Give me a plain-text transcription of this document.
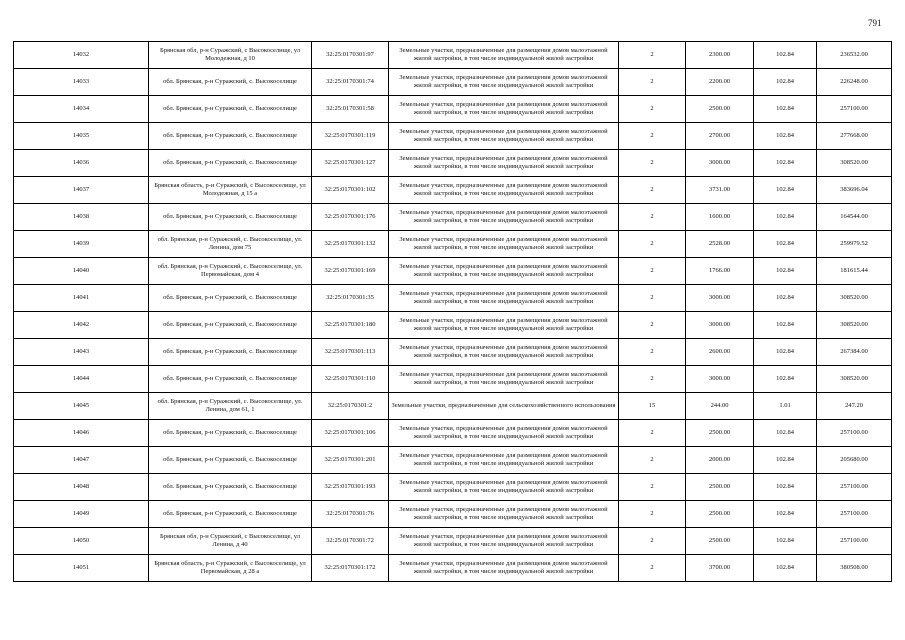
791
14032	Брянская обл, р-н Суражский, с Высокоселище, ул Молодежная, д 10	32:25:0170301:97	Земельные участки, предназначенные для размещения домов малоэтажной жилой застройки, в том числе индивидуальной жилой застройки	2	2300.00	102.84	236532.00
14033	обл. Брянская, р-н Суражский, с. Высокоселище	32:25:0170301:74	Земельные участки, предназначенные для размещения домов малоэтажной жилой застройки, в том числе индивидуальной жилой застройки	2	2200.00	102.84	226248.00
14034	обл. Брянская, р-н Суражский, с. Высокоселище	32:25:0170301:58	Земельные участки, предназначенные для размещения домов малоэтажной жилой застройки, в том числе индивидуальной жилой застройки	2	2500.00	102.84	257100.00
14035	обл. Брянская, р-н Суражский, с. Высокоселище	32:25:0170301:119	Земельные участки, предназначенные для размещения домов малоэтажной жилой застройки, в том числе индивидуальной жилой застройки	2	2700.00	102.84	277668.00
14036	обл. Брянская, р-н Суражский, с. Высокоселище	32:25:0170301:127	Земельные участки, предназначенные для размещения домов малоэтажной жилой застройки, в том числе индивидуальной жилой застройки	2	3000.00	102.84	308520.00
14037	Брянская область, р-н Суражский, с Высокоселище, ул Молодежная, д 15 а	32:25:0170301:102	Земельные участки, предназначенные для размещения домов малоэтажной жилой застройки, в том числе индивидуальной жилой застройки	2	3731.00	102.84	383696.04
14038	обл. Брянская, р-н Суражский, с. Высокоселище	32:25:0170301:176	Земельные участки, предназначенные для размещения домов малоэтажной жилой застройки, в том числе индивидуальной жилой застройки	2	1600.00	102.84	164544.00
14039	обл. Брянская, р-н Суражский, с. Высокоселище, ул. Ленина, дом 75	32:25:0170301:132	Земельные участки, предназначенные для размещения домов малоэтажной жилой застройки, в том числе индивидуальной жилой застройки	2	2528.00	102.84	259979.52
14040	обл. Брянская, р-н Суражский, с. Высокоселище, ул. Первомайская, дом 4	32:25:0170301:169	Земельные участки, предназначенные для размещения домов малоэтажной жилой застройки, в том числе индивидуальной жилой застройки	2	1766.00	102.84	181615.44
14041	обл. Брянская, р-н Суражский, с. Высокоселище	32:25:0170301:35	Земельные участки, предназначенные для размещения домов малоэтажной жилой застройки, в том числе индивидуальной жилой застройки	2	3000.00	102.84	308520.00
14042	обл. Брянская, р-н Суражский, с. Высокоселище	32:25:0170301:180	Земельные участки, предназначенные для размещения домов малоэтажной жилой застройки, в том числе индивидуальной жилой застройки	2	3000.00	102.84	308520.00
14043	обл. Брянская, р-н Суражский, с. Высокоселище	32:25:0170301:113	Земельные участки, предназначенные для размещения домов малоэтажной жилой застройки, в том числе индивидуальной жилой застройки	2	2600.00	102.84	267384.00
14044	обл. Брянская, р-н Суражский, с. Высокоселище	32:25:0170301:110	Земельные участки, предназначенные для размещения домов малоэтажной жилой застройки, в том числе индивидуальной жилой застройки	2	3000.00	102.84	308520.00
14045	обл. Брянская, р-н Суражский, с. Высокоселище, ул. Ленина, дом 61, 1	32:25:0170301:2	Земельные участки, предназначенные для сельскохозяйственного использования	15	244.00	1.01	247.20
14046	обл. Брянская, р-н Суражский, с. Высокоселище	32:25:0170301:106	Земельные участки, предназначенные для размещения домов малоэтажной жилой застройки, в том числе индивидуальной жилой застройки	2	2500.00	102.84	257100.00
14047	обл. Брянская, р-н Суражский, с. Высокоселище	32:25:0170301:201	Земельные участки, предназначенные для размещения домов малоэтажной жилой застройки, в том числе индивидуальной жилой застройки	2	2000.00	102.84	205680.00
14048	обл. Брянская, р-н Суражский, с. Высокоселище	32:25:0170301:193	Земельные участки, предназначенные для размещения домов малоэтажной жилой застройки, в том числе индивидуальной жилой застройки	2	2500.00	102.84	257100.00
14049	обл. Брянская, р-н Суражский, с. Высокоселище	32:25:0170301:76	Земельные участки, предназначенные для размещения домов малоэтажной жилой застройки, в том числе индивидуальной жилой застройки	2	2500.00	102.84	257100.00
14050	Брянская обл, р-н Суражский, с Высокоселище, ул Ленина, д 40	32:25:0170301:72	Земельные участки, предназначенные для размещения домов малоэтажной жилой застройки, в том числе индивидуальной жилой застройки	2	2500.00	102.84	257100.00
14051	Брянская область, р-н Суражский, с Высокоселище, ул Первомайская, д 28 а	32:25:0170301:172	Земельные участки, предназначенные для размещения домов малоэтажной жилой застройки, в том числе индивидуальной жилой застройки	2	3700.00	102.84	380508.00
